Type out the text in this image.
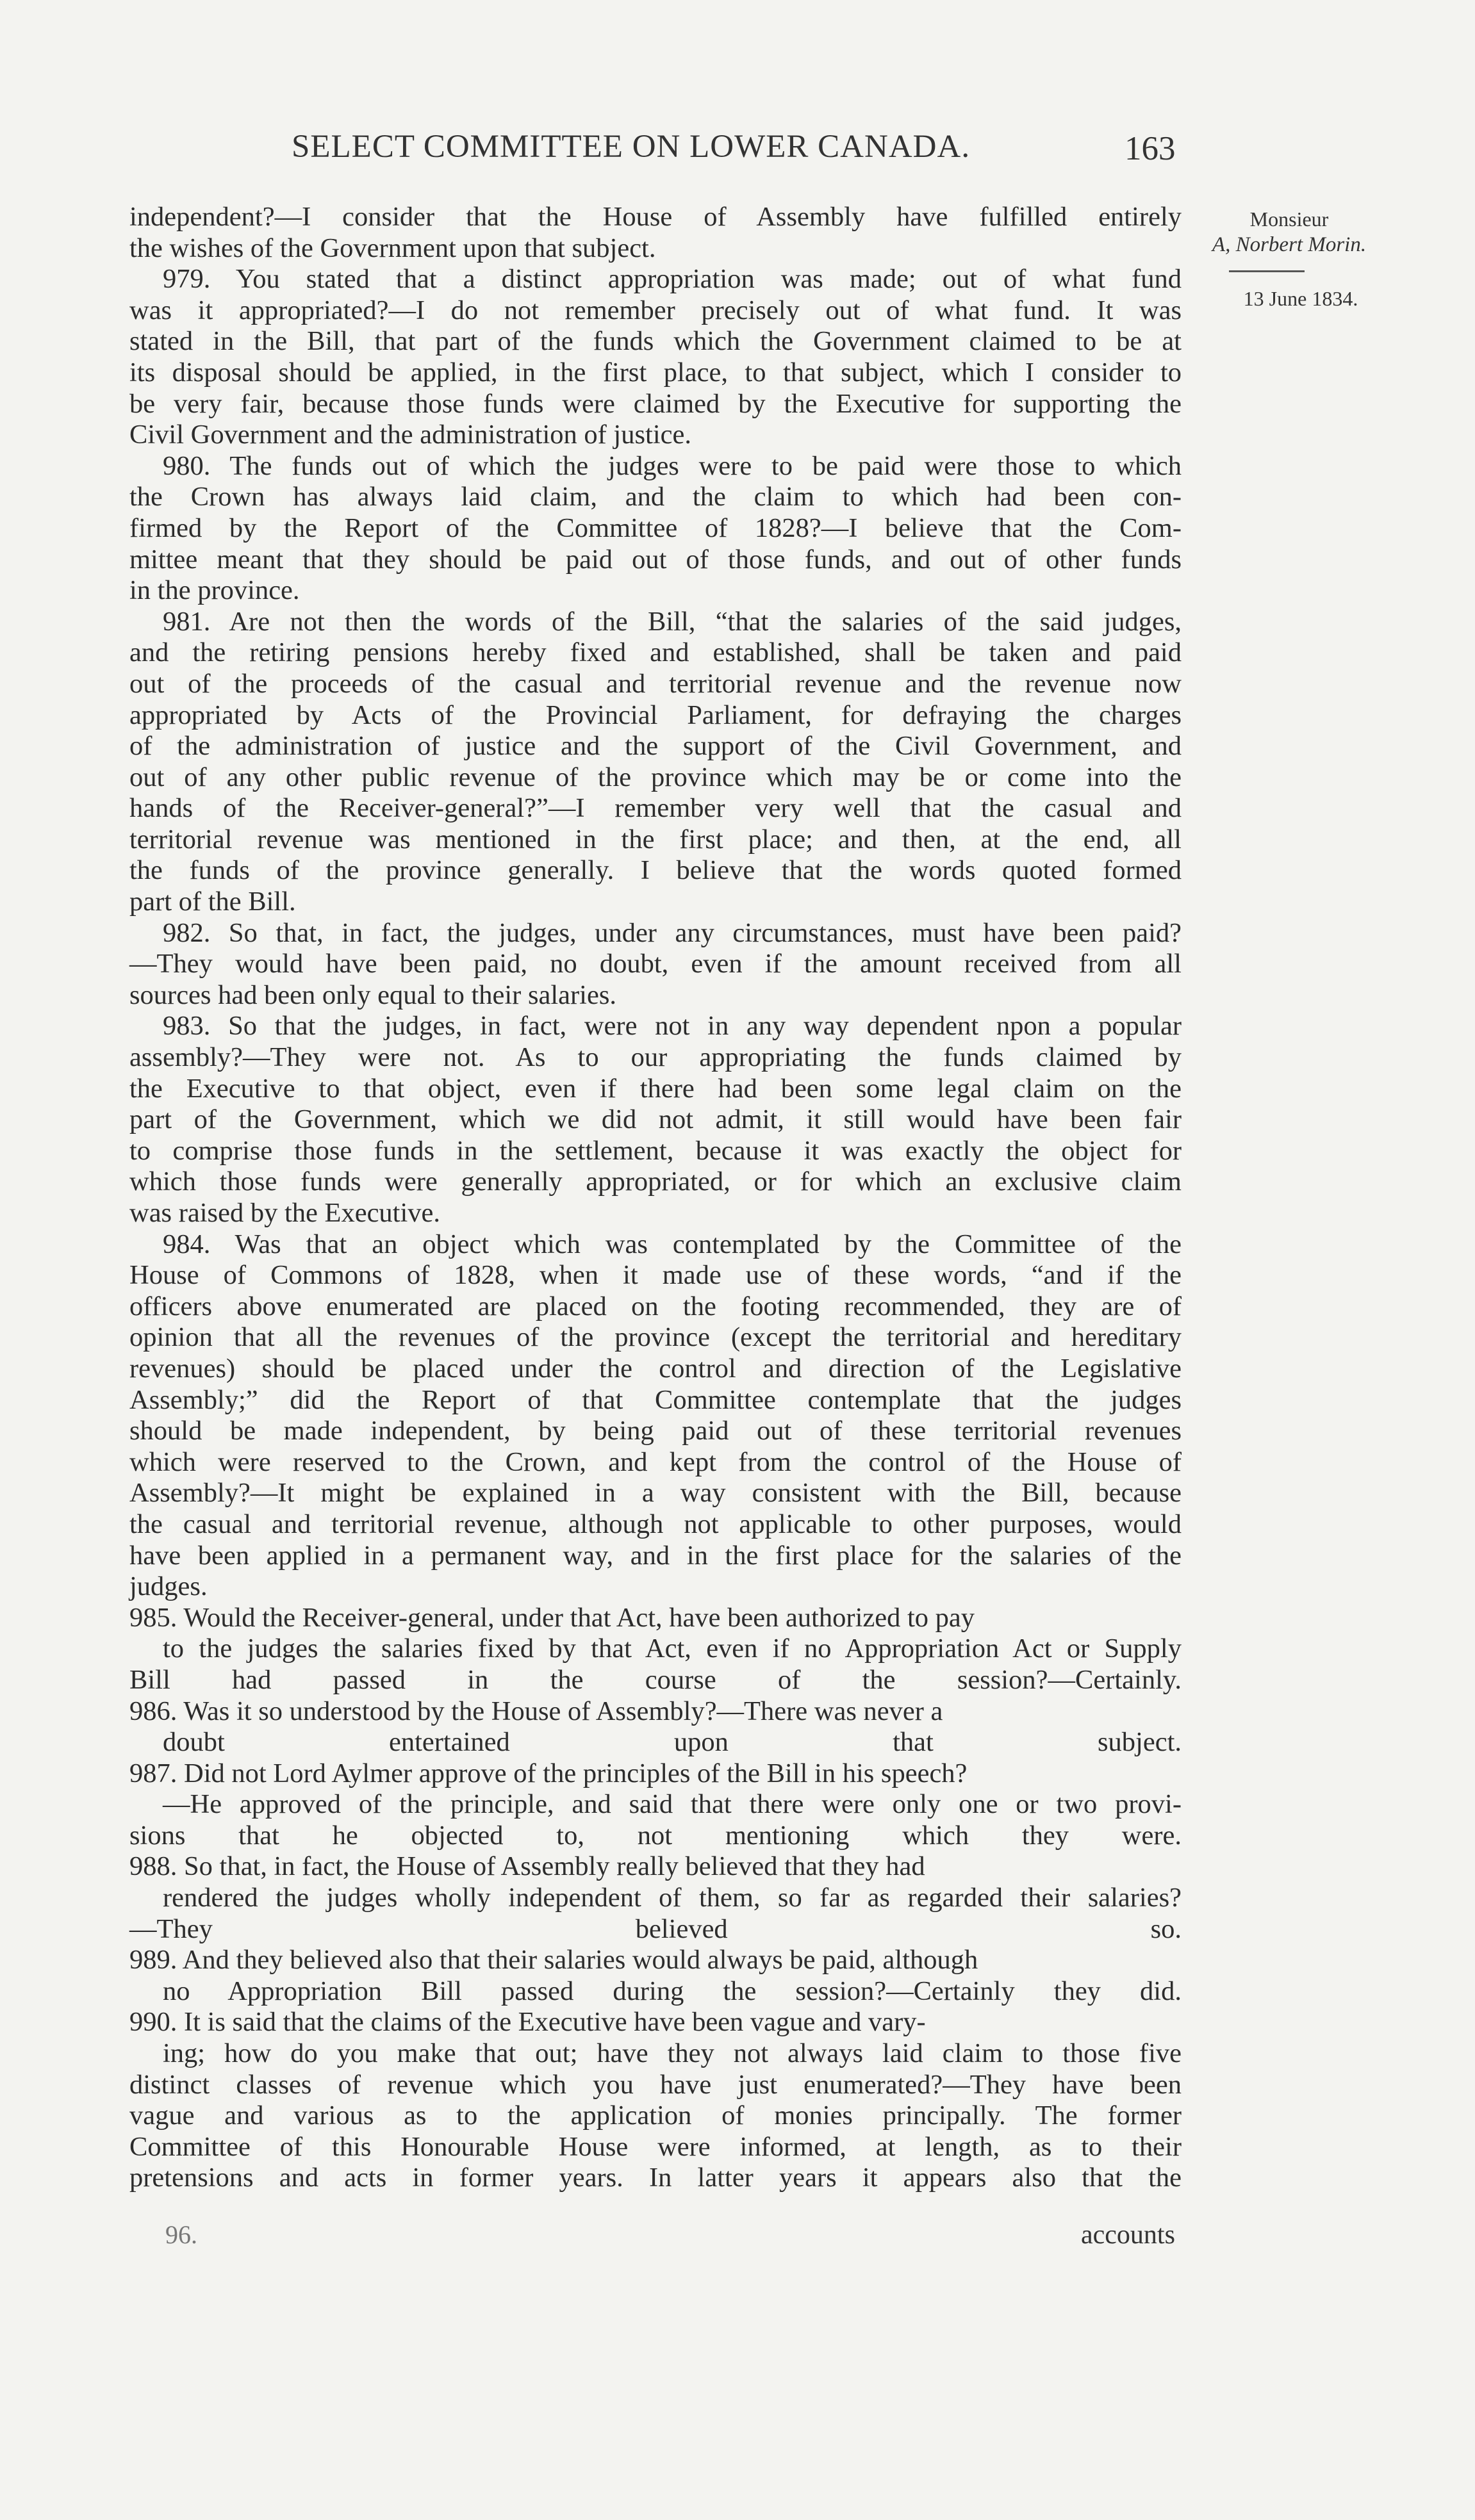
SELECT COMMITTEE ON LOWER CANADA.	163
Monsieur
A, Norbert Morin.
13 June 1834.
independent?—I consider that the House of Assembly have fulfilled entirely
the wishes of the Government upon that subject.
979. You stated that a distinct appropriation was made; out of what fund
was it appropriated?—I do not remember precisely out of what fund. It was
stated in the Bill, that part of the funds which the Government claimed to be at
its disposal should be applied, in the first place, to that subject, which I consider to
be very fair, because those funds were claimed by the Executive for supporting the
Civil Government and the administration of justice.
980. The funds out of which the judges were to be paid were those to which
the Crown has always laid claim, and the claim to which had been con-
firmed by the Report of the Committee of 1828?—I believe that the Com-
mittee meant that they should be paid out of those funds, and out of other funds
in the province.
981. Are not then the words of the Bill, “that the salaries of the said judges,
and the retiring pensions hereby fixed and established, shall be taken and paid
out of the proceeds of the casual and territorial revenue and the revenue now
appropriated by Acts of the Provincial Parliament, for defraying the charges
of the administration of justice and the support of the Civil Government, and
out of any other public revenue of the province which may be or come into the
hands of the Receiver-general?”—I remember very well that the casual and
territorial revenue was mentioned in the first place; and then, at the end, all
the funds of the province generally. I believe that the words quoted formed
part of the Bill.
982. So that, in fact, the judges, under any circumstances, must have been paid?
—They would have been paid, no doubt, even if the amount received from all
sources had been only equal to their salaries.
983. So that the judges, in fact, were not in any way dependent npon a popular
assembly?—They were not. As to our appropriating the funds claimed by
the Executive to that object, even if there had been some legal claim on the
part of the Government, which we did not admit, it still would have been fair
to comprise those funds in the settlement, because it was exactly the object for
which those funds were generally appropriated, or for which an exclusive claim
was raised by the Executive.
984. Was that an object which was contemplated by the Committee of the
House of Commons of 1828, when it made use of these words, “and if the
officers above enumerated are placed on the footing recommended, they are of
opinion that all the revenues of the province (except the territorial and hereditary
revenues) should be placed under the control and direction of the Legislative
Assembly;” did the Report of that Committee contemplate that the judges
should be made independent, by being paid out of these territorial revenues
which were reserved to the Crown, and kept from the control of the House of
Assembly?—It might be explained in a way consistent with the Bill, because
the casual and territorial revenue, although not applicable to other purposes, would
have been applied in a permanent way, and in the first place for the salaries of the
judges.
985. Would the Receiver-general, under that Act, have been authorized to pay
to the judges the salaries fixed by that Act, even if no Appropriation Act or Supply
Bill had passed in the course of the session?—Certainly.
986. Was it so understood by the House of Assembly?—There was never a
doubt entertained upon that subject.
987. Did not Lord Aylmer approve of the principles of the Bill in his speech?
—He approved of the principle, and said that there were only one or two provi-
sions that he objected to, not mentioning which they were.
988. So that, in fact, the House of Assembly really believed that they had
rendered the judges wholly independent of them, so far as regarded their salaries?
—They believed so.
989. And they believed also that their salaries would always be paid, although
no Appropriation Bill passed during the session?—Certainly they did.
990. It is said that the claims of the Executive have been vague and vary-
ing; how do you make that out; have they not always laid claim to those five
distinct classes of revenue which you have just enumerated?—They have been
vague and various as to the application of monies principally. The former
Committee of this Honourable House were informed, at length, as to their
pretensions and acts in former years. In latter years it appears also that the
96.	accounts
